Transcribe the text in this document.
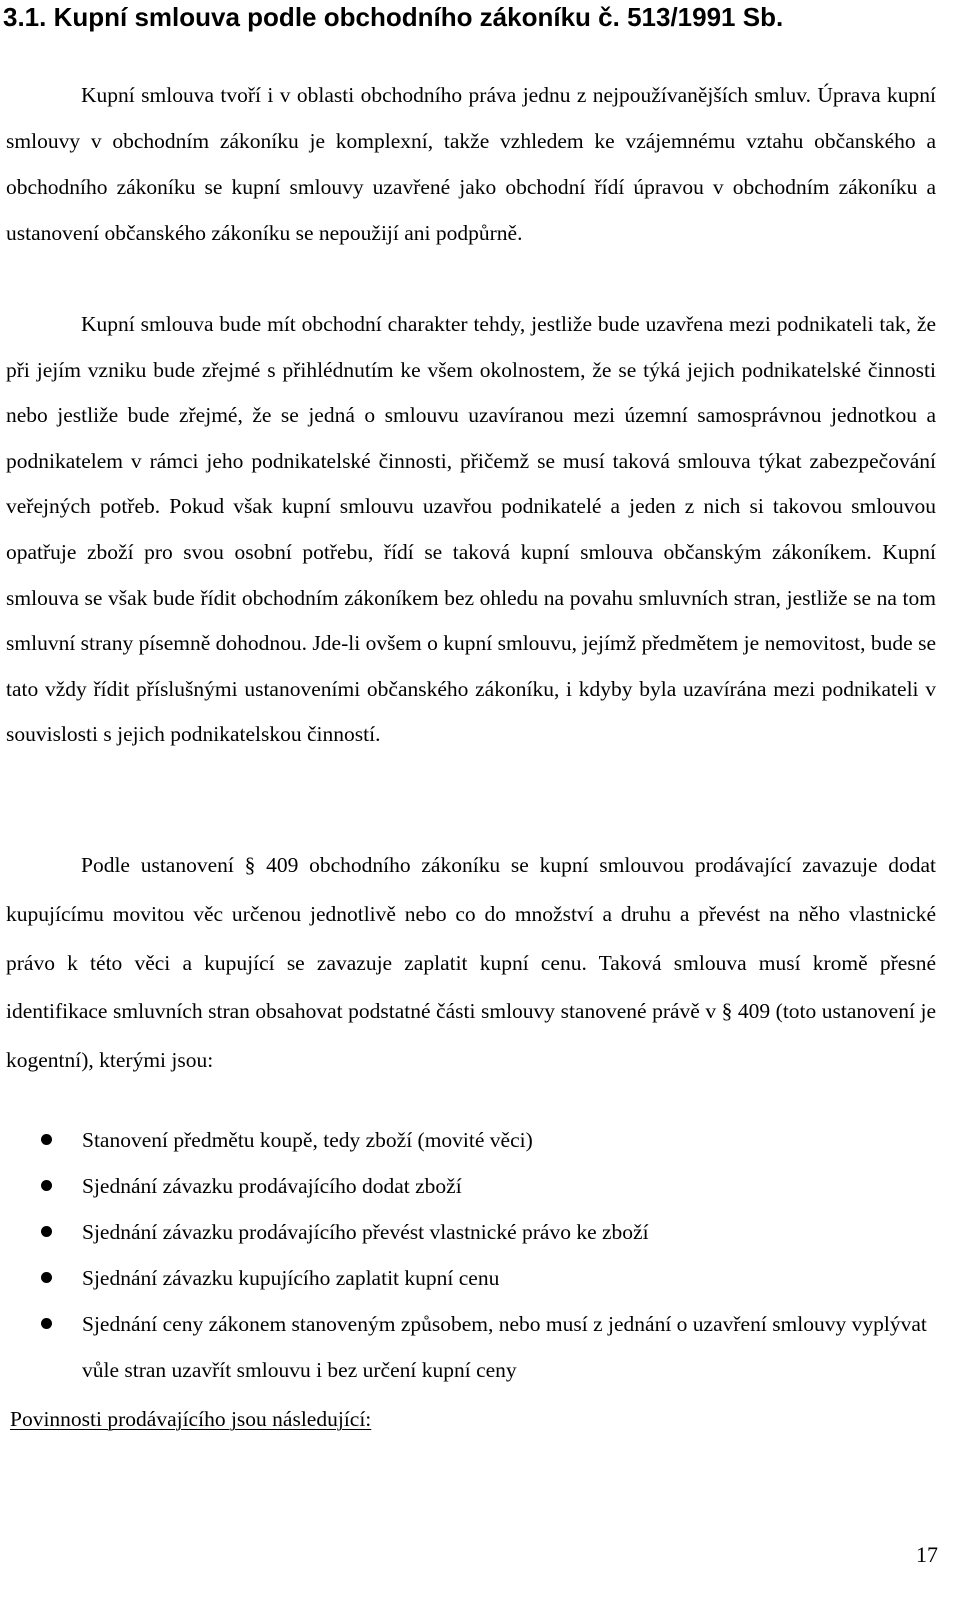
3.1. Kupní smlouva podle obchodního zákoníku č. 513/1991 Sb.

Kupní smlouva tvoří i v oblasti obchodního práva jednu z nejpoužívanějších smluv. Úprava kupní smlouvy v obchodním zákoníku je komplexní, takže vzhledem ke vzájemnému vztahu občanského a obchodního zákoníku se kupní smlouvy uzavřené jako obchodní řídí úpravou v obchodním zákoníku a ustanovení občanského zákoníku se nepoužijí ani podpůrně.

Kupní smlouva bude mít obchodní charakter tehdy, jestliže bude uzavřena mezi podnikateli tak, že při jejím vzniku bude zřejmé s přihlédnutím ke všem okolnostem, že se týká jejich podnikatelské činnosti nebo jestliže bude zřejmé, že se jedná o smlouvu uzavíranou mezi územní samosprávnou jednotkou a podnikatelem v rámci jeho podnikatelské činnosti, přičemž se musí taková smlouva týkat zabezpečování veřejných potřeb. Pokud však kupní smlouvu uzavřou podnikatelé a jeden z nich si takovou smlouvou opatřuje zboží pro svou osobní potřebu, řídí se taková kupní smlouva občanským zákoníkem. Kupní smlouva se však bude řídit obchodním zákoníkem bez ohledu na povahu smluvních stran, jestliže se na tom smluvní strany písemně dohodnou. Jde-li ovšem o kupní smlouvu, jejímž předmětem je nemovitost, bude se tato vždy řídit příslušnými ustanoveními občanského zákoníku, i kdyby byla uzavírána mezi podnikateli v souvislosti s jejich podnikatelskou činností.

Podle ustanovení § 409 obchodního zákoníku se kupní smlouvou prodávající zavazuje dodat kupujícímu movitou věc určenou jednotlivě nebo co do množství a druhu a převést na něho vlastnické právo k této věci a kupující se zavazuje zaplatit kupní cenu. Taková smlouva musí kromě přesné identifikace smluvních stran obsahovat podstatné části smlouvy stanovené právě v § 409 (toto ustanovení je kogentní), kterými jsou:

Stanovení předmětu koupě, tedy zboží (movité věci)
Sjednání závazku prodávajícího dodat zboží
Sjednání závazku prodávajícího převést vlastnické právo ke zboží
Sjednání závazku kupujícího zaplatit kupní cenu
Sjednání ceny zákonem stanoveným způsobem, nebo musí z jednání o uzavření smlouvy vyplývat vůle stran uzavřít smlouvu i bez určení kupní ceny

Povinnosti prodávajícího jsou následující:

17
